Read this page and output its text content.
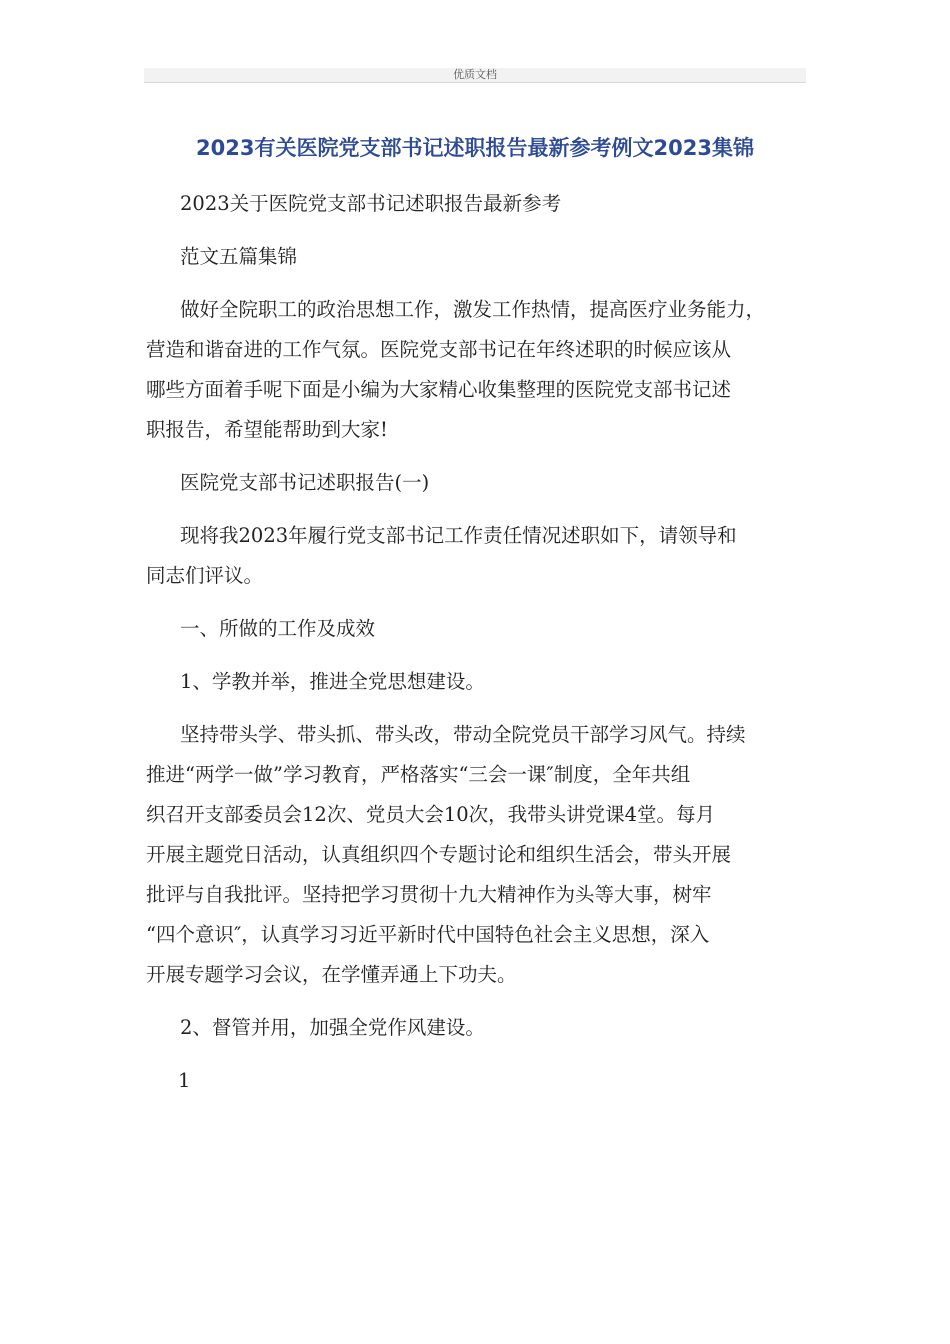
优质文档
2023有关医院党支部书记述职报告最新参考例文2023集锦

2023关于医院党支部书记述职报告最新参考

范文五篇集锦

做好全院职工的政治思想工作，激发工作热情，提高医疗业务能力，
营造和谐奋进的工作气氛。医院党支部书记在年终述职的时候应该从
哪些方面着手呢下面是小编为大家精心收集整理的医院党支部书记述
职报告，希望能帮助到大家!

医院党支部书记述职报告(一)

现将我2023年履行党支部书记工作责任情况述职如下，请领导和
同志们评议。

一、所做的工作及成效

1、学教并举，推进全党思想建设。

坚持带头学、带头抓、带头改，带动全院党员干部学习风气。持续
推进“两学一做”学习教育，严格落实“三会一课″制度，全年共组
织召开支部委员会12次、党员大会10次，我带头讲党课4堂。每月
开展主题党日活动，认真组织四个专题讨论和组织生活会，带头开展
批评与自我批评。坚持把学习贯彻十九大精神作为头等大事，树牢
“四个意识″，认真学习习近平新时代中国特色社会主义思想，深入
开展专题学习会议，在学懂弄通上下功夫。

2、督管并用，加强全党作风建设。

1
